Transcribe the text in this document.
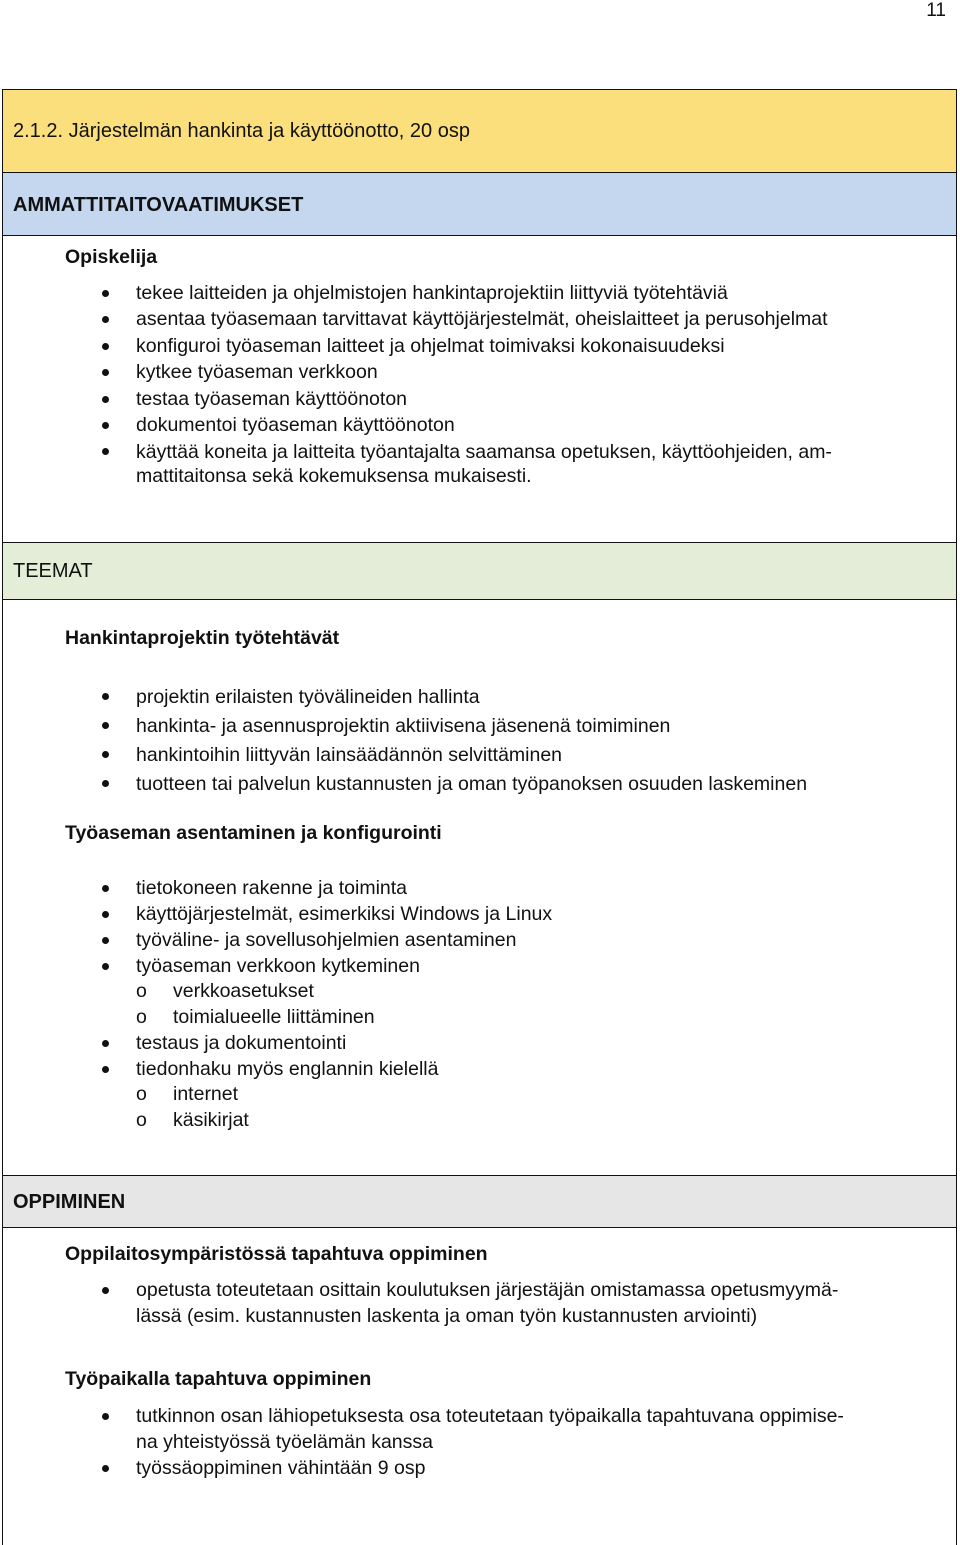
11
2.1.2. Järjestelmän hankinta ja käyttöönotto, 20 osp
AMMATTITAITOVAATIMUKSET
Opiskelija
tekee laitteiden ja ohjelmistojen hankintaprojektiin liittyviä työtehtäviä
asentaa työasemaan tarvittavat käyttöjärjestelmät, oheislaitteet ja perusohjelmat
konfiguroi työaseman laitteet ja ohjelmat toimivaksi kokonaisuudeksi
kytkee työaseman verkkoon
testaa työaseman käyttöönoton
dokumentoi työaseman käyttöönoton
käyttää koneita ja laitteita työantajalta saamansa opetuksen, käyttöohjeiden, am-
mattitaitonsa sekä kokemuksensa mukaisesti.
TEEMAT
Hankintaprojektin työtehtävät
projektin erilaisten työvälineiden hallinta
hankinta- ja asennusprojektin aktiivisena jäsenenä toimiminen
hankintoihin liittyvän lainsäädännön selvittäminen
tuotteen tai palvelun kustannusten ja oman työpanoksen osuuden laskeminen
Työaseman asentaminen ja konfigurointi
tietokoneen rakenne ja toiminta
käyttöjärjestelmät, esimerkiksi Windows ja Linux
työväline- ja sovellusohjelmien asentaminen
työaseman verkkoon kytkeminen
o verkkoasetukset
o toimialueelle liittäminen
testaus ja dokumentointi
tiedonhaku myös englannin kielellä
o internet
o käsikirjat
OPPIMINEN
Oppilaitosympäristössä tapahtuva oppiminen
opetusta toteutetaan osittain koulutuksen järjestäjän omistamassa opetusmyymä-
lässä (esim. kustannusten laskenta ja oman työn kustannusten arviointi)
Työpaikalla tapahtuva oppiminen
tutkinnon osan lähiopetuksesta osa toteutetaan työpaikalla tapahtuvana oppimise-
na yhteistyössä työelämän kanssa
työssäoppiminen vähintään 9 osp
